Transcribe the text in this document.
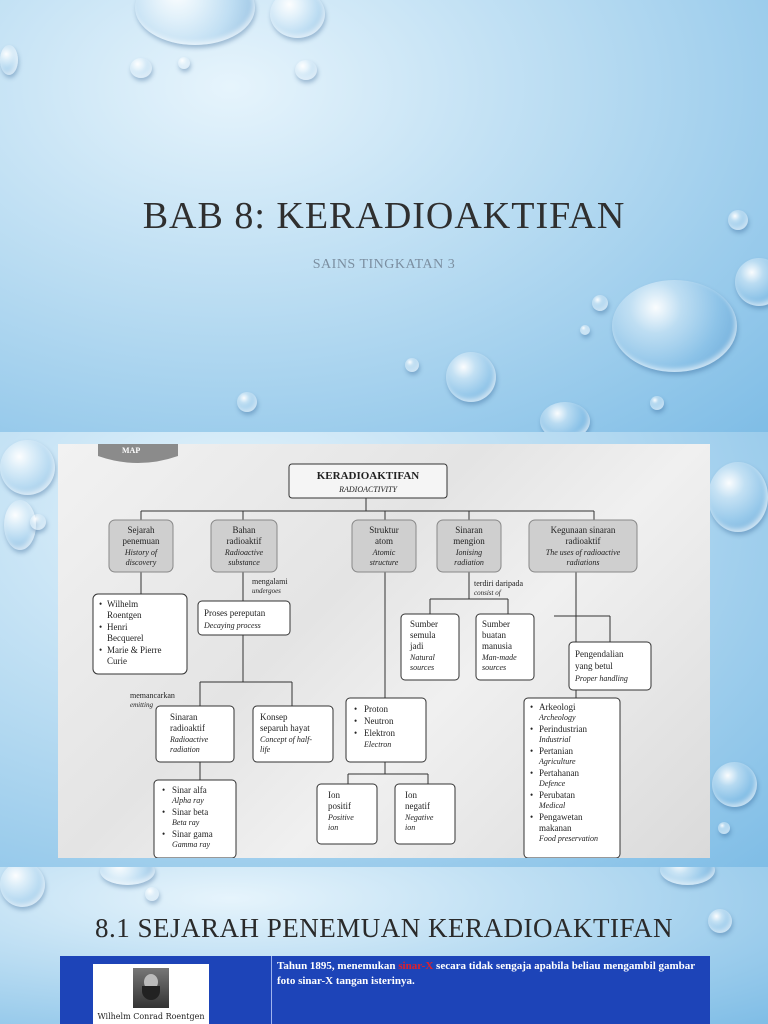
BAB 8: KERADIOAKTIFAN
SAINS TINGKATAN 3
MAP
KERADIOAKTIFAN
RADIOACTIVITY
Sejarah
penemuan
History of
discovery
Bahan
radioaktif
Radioactive
substance
Struktur
atom
Atomic
structure
Sinaran
mengion
Ionising
radiation
Kegunaan sinaran
radioaktif
The uses of radioactive
radiations
• Wilhelm
Roentgen
• Henri
Becquerel
• Marie & Pierre
Curie
mengalami
undergoes
Proses pereputan
Decaying process
memancarkan
emitting
Sinaran
radioaktif
Radioactive
radiation
Konsep
separuh hayat
Concept of half-
life
• Sinar alfa
Alpha ray
• Sinar beta
Beta ray
• Sinar gama
Gamma ray
• Proton
• Neutron
• Elektron
Electron
Ion
positif
Positive
ion
Ion
negatif
Negative
ion
terdiri daripada
consist of
Sumber
semula
jadi
Natural
sources
Sumber
buatan
manusia
Man-made
sources
Pengendalian
yang betul
Proper handling
• Arkeologi
Archeology
• Perindustrian
Industrial
• Pertanian
Agriculture
• Pertahanan
Defence
• Perubatan
Medical
• Pengawetan
makanan
Food preservation
8.1 SEJARAH PENEMUAN KERADIOAKTIFAN
Wilhelm Conrad Roentgen
Tahun 1895, menemukan sinar-X secara tidak sengaja apabila beliau mengambil gambar foto sinar-X tangan isterinya.
